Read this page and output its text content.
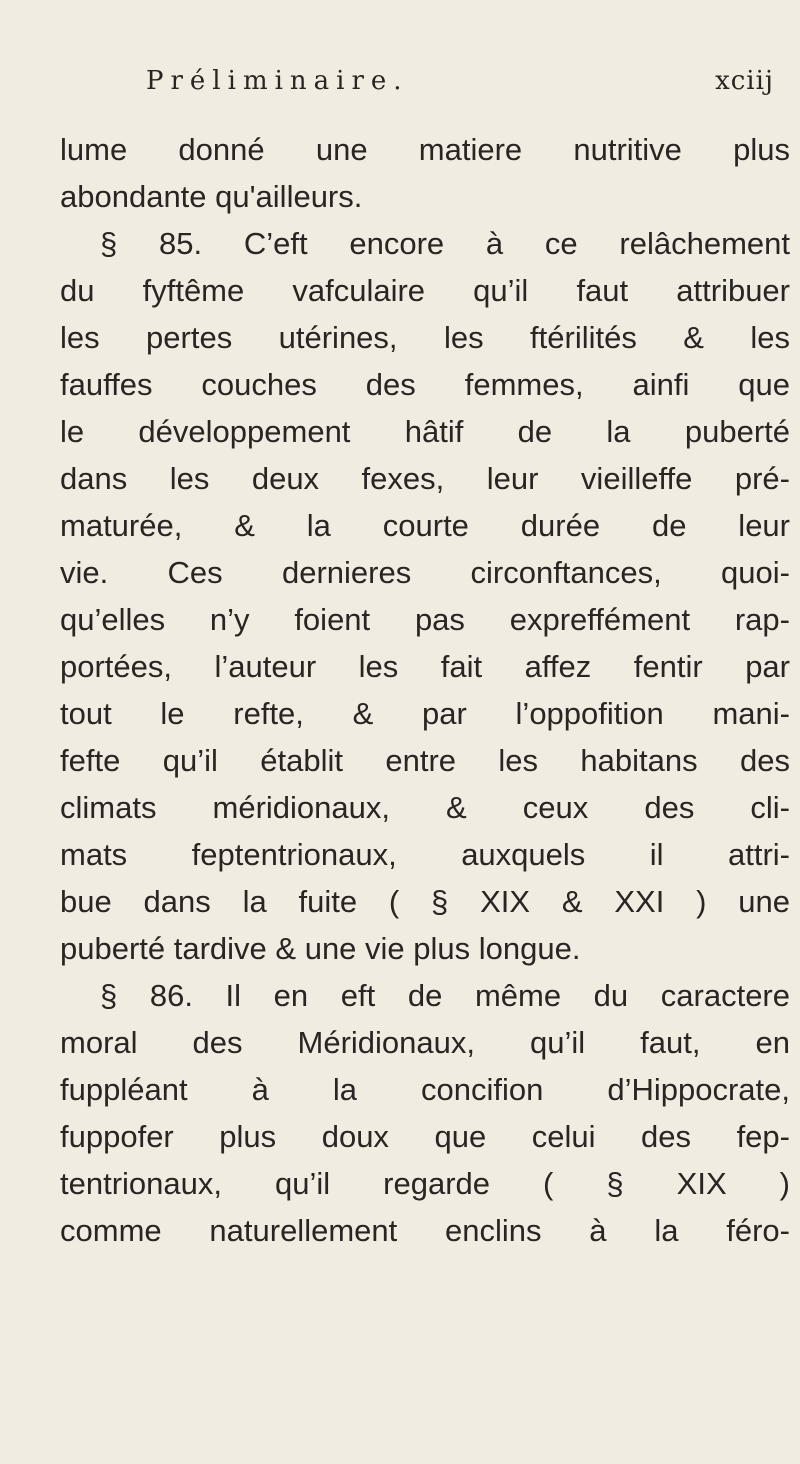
Préliminaire.	xciij
lume donné une matiere nutritive plus
abondante qu'ailleurs.
§ 85. C’eft encore à ce relâchement
du fyftême vafculaire qu’il faut attribuer
les pertes utérines, les ftérilités & les
fauffes couches des femmes, ainfi que
le développement hâtif de la puberté
dans les deux fexes, leur vieilleffe pré-
maturée, & la courte durée de leur
vie. Ces dernieres circonftances, quoi-
qu’elles n’y foient pas expreffément rap-
portées, l’auteur les fait affez fentir par
tout le refte, & par l’oppofition mani-
fefte qu’il établit entre les habitans des
climats méridionaux, & ceux des cli-
mats feptentrionaux, auxquels il attri-
bue dans la fuite ( § XIX & XXI ) une
puberté tardive & une vie plus longue.
§ 86. Il en eft de même du caractere
moral des Méridionaux, qu’il faut, en
fuppléant à la concifion d’Hippocrate,
fuppofer plus doux que celui des fep-
tentrionaux, qu’il regarde ( § XIX )
comme naturellement enclins à la féro-
